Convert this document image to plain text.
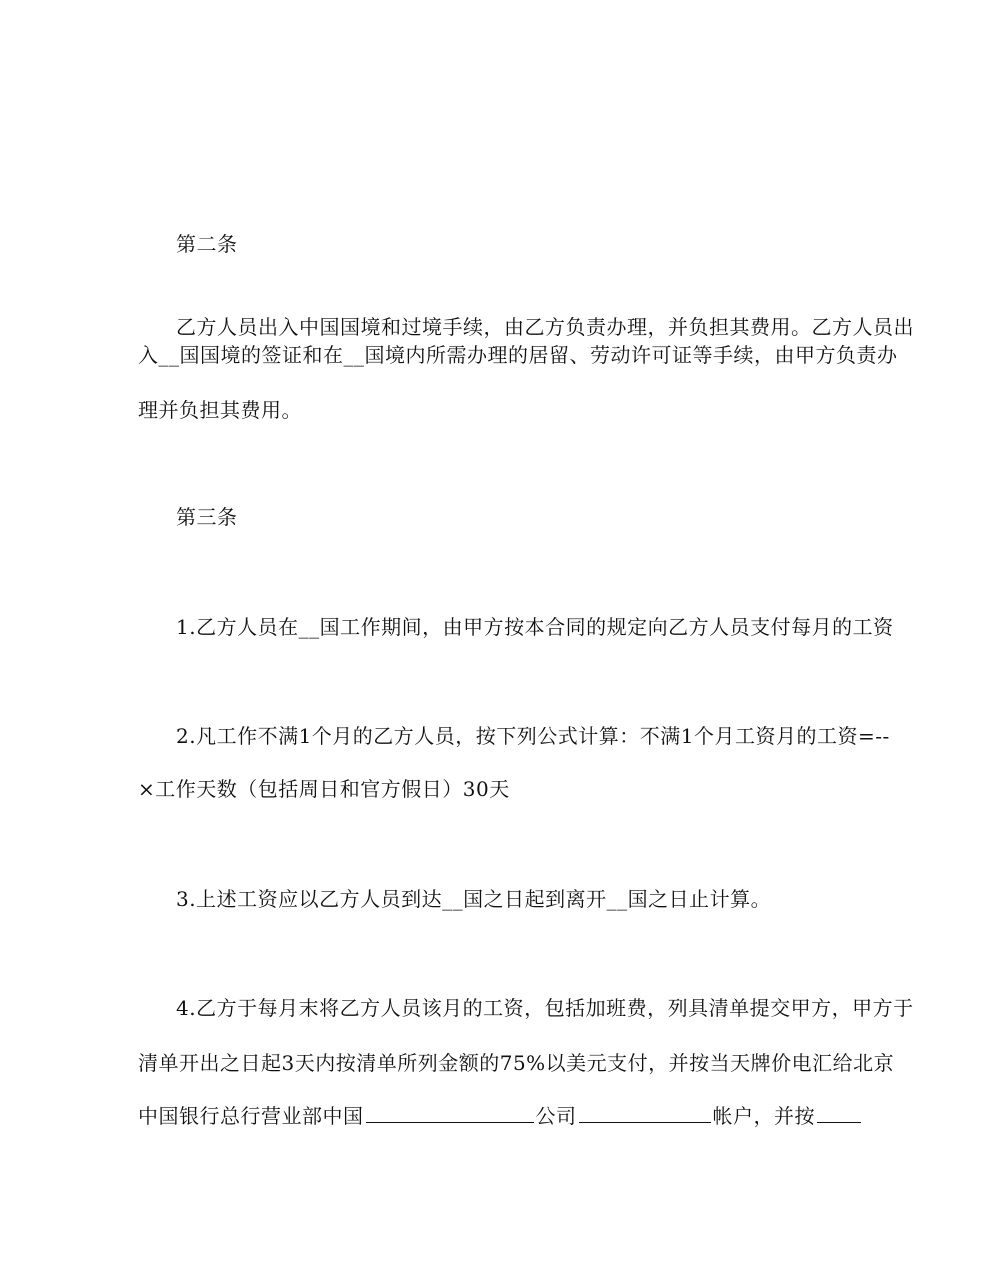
第二条
乙方人员出入中国国境和过境手续，由乙方负责办理，并负担其费用。乙方人员出
入__国国境的签证和在__国境内所需办理的居留、劳动许可证等手续，由甲方负责办
理并负担其费用。
第三条
1.乙方人员在__国工作期间，由甲方按本合同的规定向乙方人员支付每月的工资
2.凡工作不满1个月的乙方人员，按下列公式计算：不满1个月工资月的工资=--
×工作天数（包括周日和官方假日）30天
3.上述工资应以乙方人员到达__国之日起到离开__国之日止计算。
4.乙方于每月末将乙方人员该月的工资，包括加班费，列具清单提交甲方，甲方于
清单开出之日起3天内按清单所列金额的75%以美元支付，并按当天牌价电汇给北京
中国银行总行营业部中国	公司	帐户，并按
